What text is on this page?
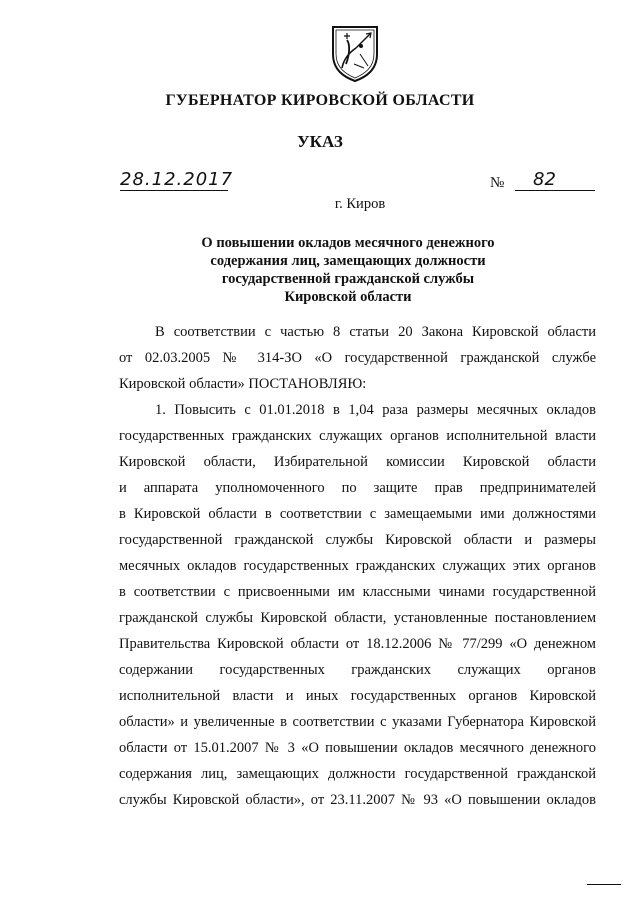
ГУБЕРНАТОР КИРОВСКОЙ ОБЛАСТИ
УКАЗ
28.12.2017	№	82
г. Киров
О повышении окладов месячного денежного
содержания лиц, замещающих должности
государственной гражданской службы
Кировской области
В соответствии с частью 8 статьи 20 Закона Кировской области
от 02.03.2005 № 314-ЗО «О государственной гражданской службе
Кировской области» ПОСТАНОВЛЯЮ:
1. Повысить с 01.01.2018 в 1,04 раза размеры месячных окладов
государственных гражданских служащих органов исполнительной власти
Кировской области, Избирательной комиссии Кировской области
и аппарата уполномоченного по защите прав предпринимателей
в Кировской области в соответствии с замещаемыми ими должностями
государственной гражданской службы Кировской области и размеры
месячных окладов государственных гражданских служащих этих органов
в соответствии с присвоенными им классными чинами государственной
гражданской службы Кировской области, установленные постановлением
Правительства Кировской области от 18.12.2006 № 77/299 «О денежном
содержании государственных гражданских служащих органов
исполнительной власти и иных государственных органов Кировской
области» и увеличенные в соответствии с указами Губернатора Кировской
области от 15.01.2007 № 3 «О повышении окладов месячного денежного
содержания лиц, замещающих должности государственной гражданской
службы Кировской области», от 23.11.2007 № 93 «О повышении окладов
